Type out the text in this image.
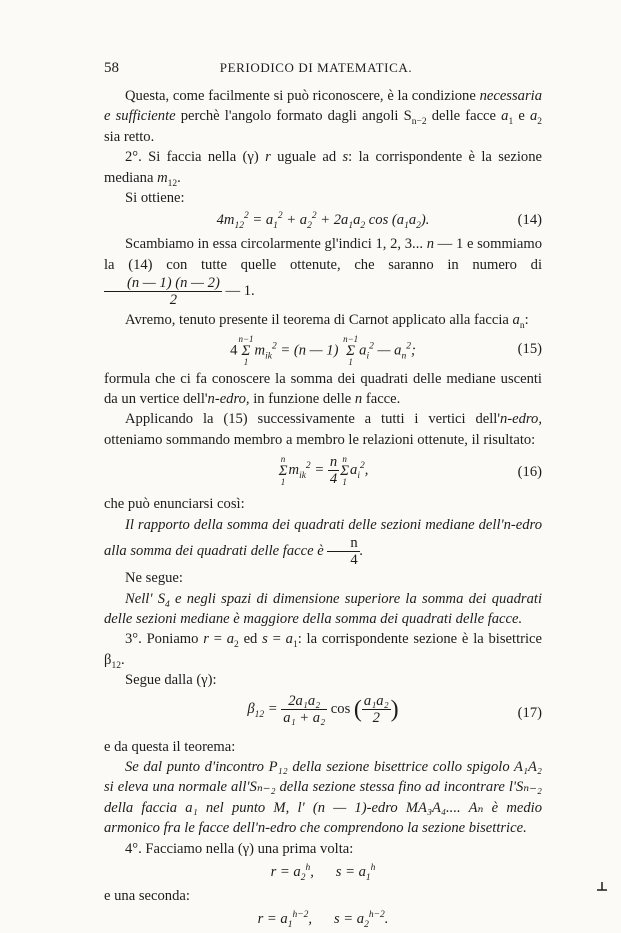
58	PERIODICO DI MATEMATICA.

Questa, come facilmente si può riconoscere, è la condizione necessaria e sufficiente perchè l'angolo formato dagli angoli $S_{n-2}$ delle facce $a_1$ e $a_2$ sia retto.

2°. Si faccia nella (γ) r uguale ad s: la corrispondente è la sezione mediana $m_{12}$.

Si ottiene:

$4m_{12}^2 = a_1^2 + a_2^2 + 2a_1a_2$ $\cos (a_1a_2)$.	(14)

Scambiamo in essa circolarmente gl'indici 1, 2, 3... n — 1 e sommiamo la (14) con tutte quelle ottenute, che saranno in numero di
$\frac{(n — 1) (n — 2)}{2}$ — 1.

Avremo, tenuto presente il teorema di Carnot applicato alla faccia $a_n$:

4n−1
Σ
$1m_{ik}^2 = (n$ — 1) n−1
Σ
$1a_i^2$ — $a_n^2$;	(15)

formula che ci fa conoscere la somma dei quadrati delle mediane uscenti da un vertice dell'n-edro, in funzione delle n facce.

Applicando la (15) successivamente a tutti i vertici dell'n-edro, otteniamo sommando membro a membro le relazioni ottenute, il risultato:

n
Σ
$1m_{ik}^2 = \frac{n}{4}$ n
Σ
$1a_i^2$,	(16)

che può enunciarsi così:

Il rapporto della somma dei quadrati delle sezioni mediane dell'n-edro alla somma dei quadrati delle facce è $\frac{n}{4}$ .

Ne segue:

Nell' $S_4$ e negli spazi di dimensione superiore la somma dei quadrati delle sezioni mediane è maggiore della somma dei quadrati delle facce.

3°. Poniamo $r = a_2$ ed $s = a_1$: la corrispondente sezione è la bisettrice $\beta_{12}$.

Segue dalla (γ):

$\beta_{12} = \frac{\text{2a₁a₂}}{\text{a₁ + a₂}}$ cos ( $\frac{\text{a₁a₂}}{2}$ )	(17)

e da questa il teorema:

Se dal punto d'incontro P₁₂ della sezione bisettrice collo spigolo A₁A₂ si eleva una normale all'Sₙ₋₂ della sezione stessa fino ad incontrare l'Sₙ₋₂ della faccia a₁ nel punto M, l' (n — 1)-edro MA₃A₄.... Aₙ è medio armonico fra le facce dell'n-edro che comprendono la sezione bisettrice.

4°. Facciamo nella (γ) una prima volta:

$r = a_2^h$, $s = a_1^h$

e una seconda:

$r = a_1^{h-2}$, $s = a_2^{h-2}$.
